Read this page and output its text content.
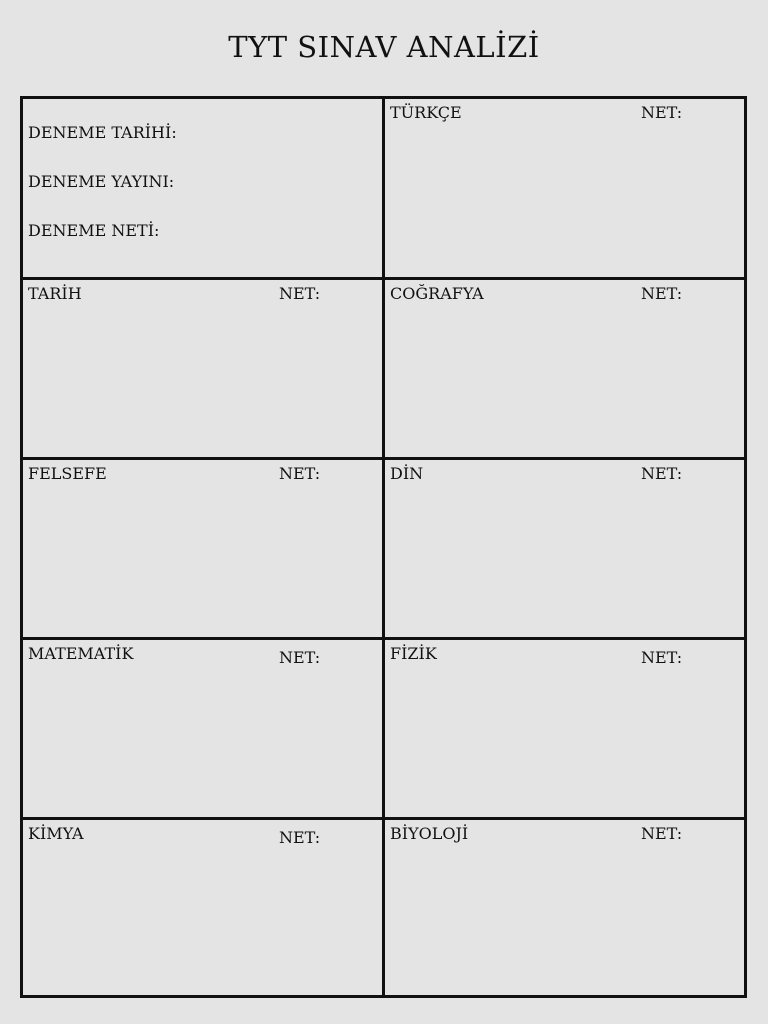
TYT SINAV ANALİZİ
DENEME TARİHİ:
DENEME YAYINI:
DENEME NETİ:
TÜRKÇE	NET:
TARİH	NET:	COĞRAFYA	NET:
FELSEFE	NET:	DİN	NET:
MATEMATİK	NET:	FİZİK	NET:
KİMYA	NET:	BİYOLOJİ	NET:
